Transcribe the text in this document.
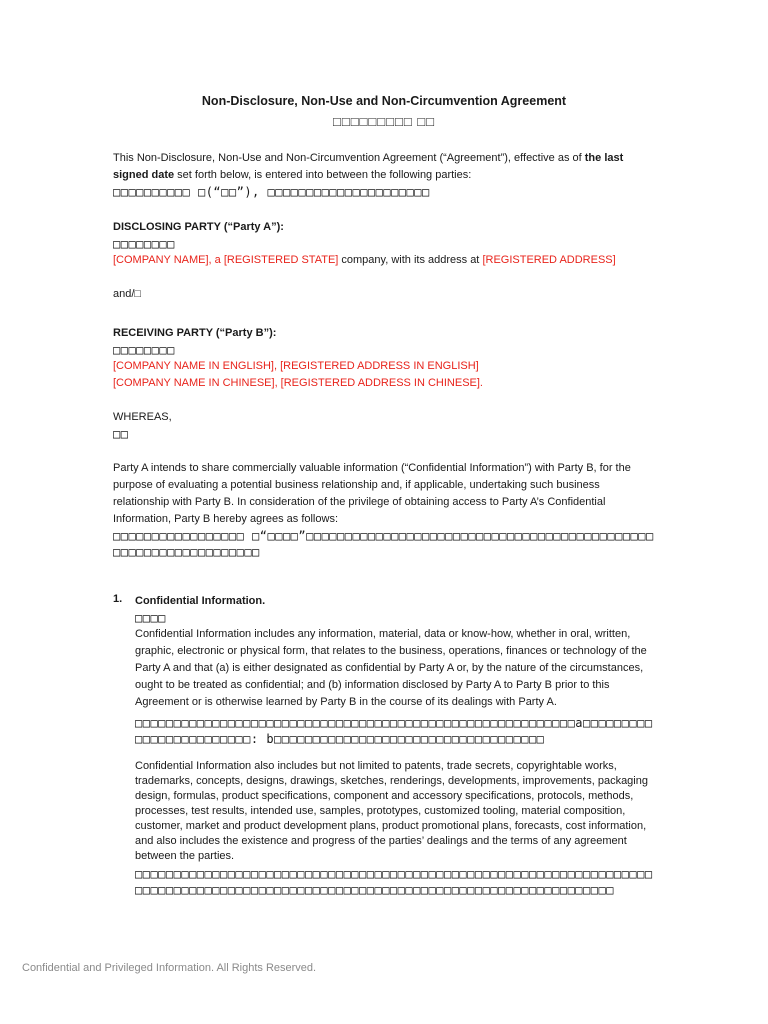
Non-Disclosure, Non-Use and Non-Circumvention Agreement
□□□□□□□□□ □□

This Non-Disclosure, Non-Use and Non-Circumvention Agreement (“Agreement”), effective as of the last signed date set forth below, is entered into between the following parties:

□□□□□□□□□□ □(“□□”), □□□□□□□□□□□□□□□□□□□□□

DISCLOSING PARTY (“Party A”):

□□□□□□□□

[COMPANY NAME], a [REGISTERED STATE] company, with its address at [REGISTERED ADDRESS]

and/□

RECEIVING PARTY (“Party B”):

□□□□□□□□

[COMPANY NAME IN ENGLISH], [REGISTERED ADDRESS IN ENGLISH]

[COMPANY NAME IN CHINESE], [REGISTERED ADDRESS IN CHINESE].

WHEREAS,

□□

Party A intends to share commercially valuable information (“Confidential Information”) with Party B, for the purpose of evaluating a potential business relationship and, if applicable, undertaking such business relationship with Party B. In consideration of the privilege of obtaining access to Party A’s Confidential Information, Party B hereby agrees as follows:

□□□□□□□□□□□□□□□□□ □“□□□□”□□□□□□□□□□□□□□□□□□□□□□□□□□□□□□□□□□□□□□□□□□□□□□□□□□□□□□□□□□□□□□□□

1. Confidential Information.

□□□□

Confidential Information includes any information, material, data or know-how, whether in oral, written, graphic, electronic or physical form, that relates to the business, operations, finances or technology of the Party A and that (a) is either designated as confidential by Party A or, by the nature of the circumstances, ought to be treated as confidential; and (b) information disclosed by Party A to Party B prior to this Agreement or is otherwise learned by Party B in the course of its dealings with Party A.

□□□□□□□□□□□□□□□□□□□□□□□□□□□□□□□□□□□□□□□□□□□□□□□□□□□□□□□□□a□□□□□□□□□□□□□□□□□□□□□□□□: b□□□□□□□□□□□□□□□□□□□□□□□□□□□□□□□□□□□

Confidential Information also includes but not limited to patents, trade secrets, copyrightable works, trademarks, concepts, designs, drawings, sketches, renderings, developments, improvements, packaging design, formulas, product specifications, component and accessory specifications, protocols, methods, processes, test results, intended use, samples, prototypes, customized tooling, material composition, customer, market and product development plans, product promotional plans, forecasts, cost information, and also includes the existence and progress of the parties’ dealings and the terms of any agreement between the parties.

□□□□□□□□□□□□□□□□□□□□□□□□□□□□□□□□□□□□□□□□□□□□□□□□□□□□□□□□□□□□□□□□□□□□□□□□□□□□□□□□□□□□□□□□□□□□□□□□□□□□□□□□□□□□□□□□□□□□□□□□□□□□□□□□□

Confidential and Privileged Information. All Rights Reserved.
